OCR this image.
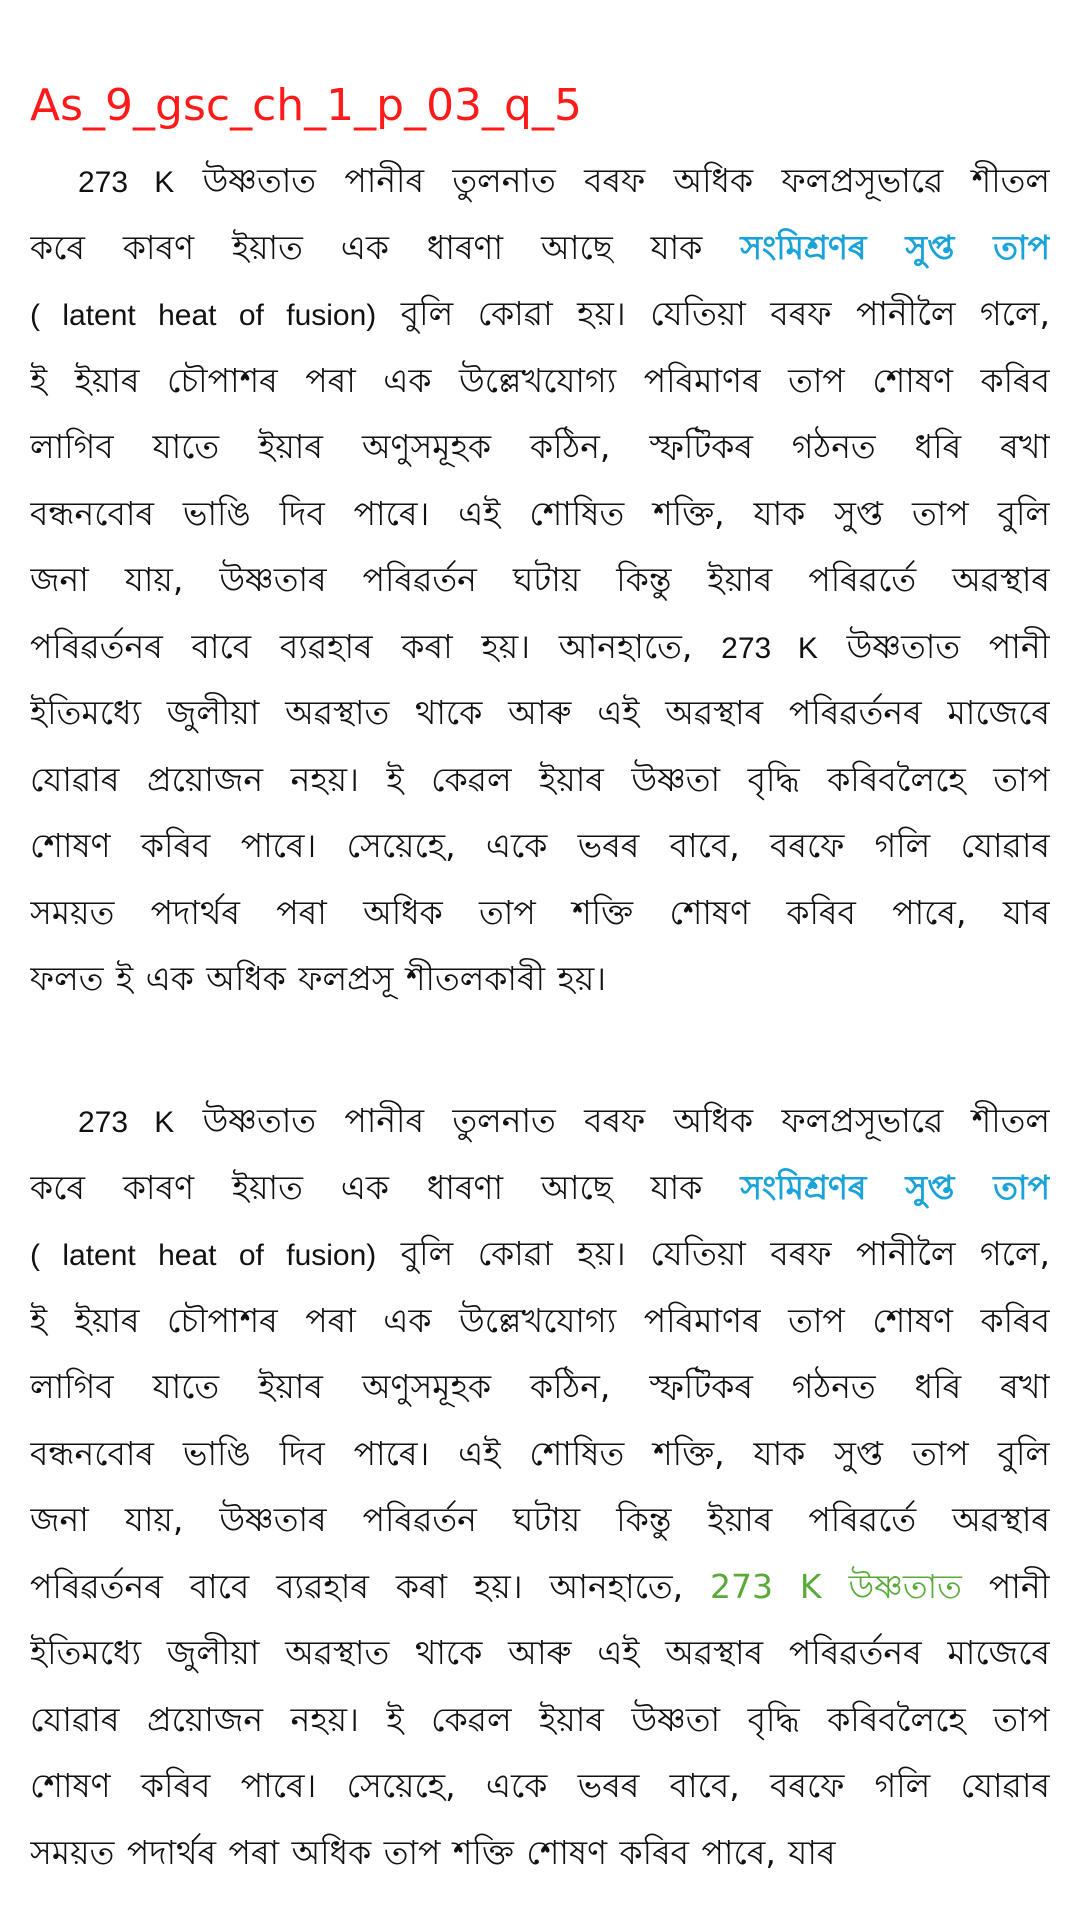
As_9_gsc_ch_1_p_03_q_5
273 K উষ্ণতাত পানীৰ তুলনাত বৰফ অধিক ফলপ্ৰসূভাৱে শীতল
কৰে কাৰণ ইয়াত এক ধাৰণা আছে যাক সংমিশ্ৰণৰ সুপ্ত তাপ
( latent heat of fusion) বুলি কোৱা হয়। যেতিয়া বৰফ পানীলৈ গলে,
ই ইয়াৰ চৌপাশৰ পৰা এক উল্লেখযোগ্য পৰিমাণৰ তাপ শোষণ কৰিব
লাগিব যাতে ইয়াৰ অণুসমূহক কঠিন, স্ফটিকৰ গঠনত ধৰি ৰখা
বন্ধনবোৰ ভাঙি দিব পাৰে। এই শোষিত শক্তি, যাক সুপ্ত তাপ বুলি
জনা যায়, উষ্ণতাৰ পৰিৱৰ্তন ঘটায় কিন্তু ইয়াৰ পৰিৱৰ্তে অৱস্থাৰ
পৰিৱৰ্তনৰ বাবে ব্যৱহাৰ কৰা হয়। আনহাতে, 273 K উষ্ণতাত পানী
ইতিমধ্যে জুলীয়া অৱস্থাত থাকে আৰু এই অৱস্থাৰ পৰিৱৰ্তনৰ মাজেৰে
যোৱাৰ প্ৰয়োজন নহয়। ই কেৱল ইয়াৰ উষ্ণতা বৃদ্ধি কৰিবলৈহে তাপ
শোষণ কৰিব পাৰে। সেয়েহে, একে ভৰৰ বাবে, বৰফে গলি যোৱাৰ
সময়ত পদাৰ্থৰ পৰা অধিক তাপ শক্তি শোষণ কৰিব পাৰে, যাৰ
ফলত ই এক অধিক ফলপ্ৰসূ শীতলকাৰী হয়।
273 K উষ্ণতাত পানীৰ তুলনাত বৰফ অধিক ফলপ্ৰসূভাৱে শীতল
কৰে কাৰণ ইয়াত এক ধাৰণা আছে যাক সংমিশ্ৰণৰ সুপ্ত তাপ
( latent heat of fusion) বুলি কোৱা হয়। যেতিয়া বৰফ পানীলৈ গলে,
ই ইয়াৰ চৌপাশৰ পৰা এক উল্লেখযোগ্য পৰিমাণৰ তাপ শোষণ কৰিব
লাগিব যাতে ইয়াৰ অণুসমূহক কঠিন, স্ফটিকৰ গঠনত ধৰি ৰখা
বন্ধনবোৰ ভাঙি দিব পাৰে। এই শোষিত শক্তি, যাক সুপ্ত তাপ বুলি
জনা যায়, উষ্ণতাৰ পৰিৱৰ্তন ঘটায় কিন্তু ইয়াৰ পৰিৱৰ্তে অৱস্থাৰ
পৰিৱৰ্তনৰ বাবে ব্যৱহাৰ কৰা হয়। আনহাতে, 273 K উষ্ণতাত পানী
ইতিমধ্যে জুলীয়া অৱস্থাত থাকে আৰু এই অৱস্থাৰ পৰিৱৰ্তনৰ মাজেৰে
যোৱাৰ প্ৰয়োজন নহয়। ই কেৱল ইয়াৰ উষ্ণতা বৃদ্ধি কৰিবলৈহে তাপ
শোষণ কৰিব পাৰে। সেয়েহে, একে ভৰৰ বাবে, বৰফে গলি যোৱাৰ
সময়ত পদাৰ্থৰ পৰা অধিক তাপ শক্তি শোষণ কৰিব পাৰে, যাৰ
